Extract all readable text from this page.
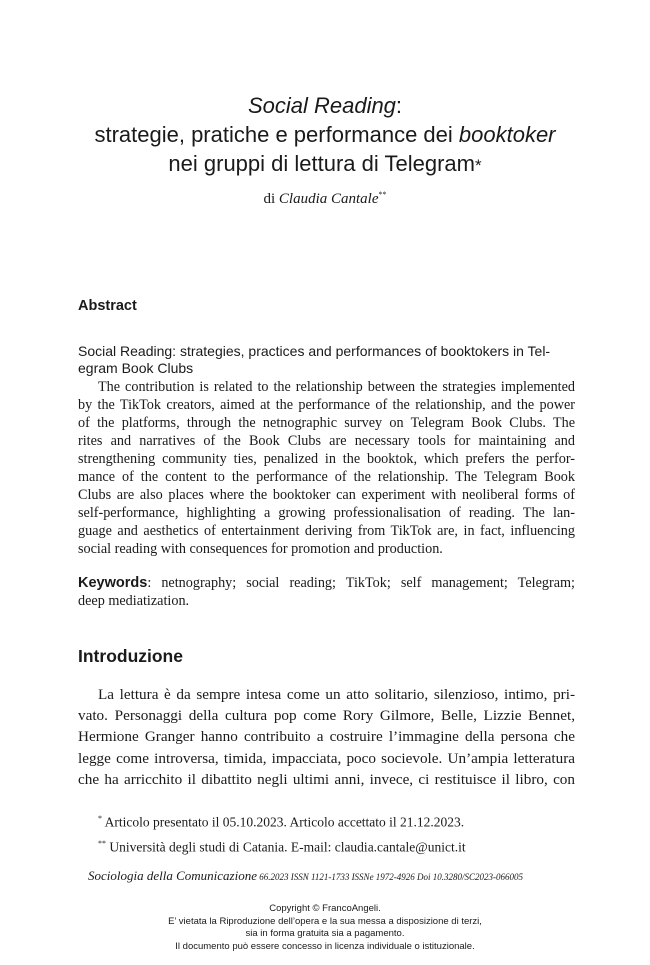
Social Reading:
strategie, pratiche e performance dei booktoker
nei gruppi di lettura di Telegram*
di Claudia Cantale**
Abstract
Social Reading: strategies, practices and performances of booktokers in Tel-
egram Book Clubs
The contribution is related to the relationship between the strategies implemented
by the TikTok creators, aimed at the performance of the relationship, and the power
of the platforms, through the netnographic survey on Telegram Book Clubs. The
rites and narratives of the Book Clubs are necessary tools for maintaining and
strengthening community ties, penalized in the booktok, which prefers the perfor-
mance of the content to the performance of the relationship. The Telegram Book
Clubs are also places where the booktoker can experiment with neoliberal forms of
self-performance, highlighting a growing professionalisation of reading. The lan-
guage and aesthetics of entertainment deriving from TikTok are, in fact, influencing
social reading with consequences for promotion and production.
Keywords: netnography; social reading; TikTok; self management; Telegram;
deep mediatization.
Introduzione
La lettura è da sempre intesa come un atto solitario, silenzioso, intimo, pri-
vato. Personaggi della cultura pop come Rory Gilmore, Belle, Lizzie Bennet,
Hermione Granger hanno contribuito a costruire l’immagine della persona che
legge come introversa, timida, impacciata, poco socievole. Un’ampia letteratura
che ha arricchito il dibattito negli ultimi anni, invece, ci restituisce il libro, con
* Articolo presentato il 05.10.2023. Articolo accettato il 21.12.2023.
** Università degli studi di Catania. E-mail: claudia.cantale@unict.it
Sociologia della Comunicazione 66.2023 ISSN 1121-1733 ISSNe 1972-4926 Doi 10.3280/SC2023-066005
Copyright © FrancoAngeli.
E’ vietata la Riproduzione dell’opera e la sua messa a disposizione di terzi,
sia in forma gratuita sia a pagamento.
Il documento può essere concesso in licenza individuale o istituzionale.
